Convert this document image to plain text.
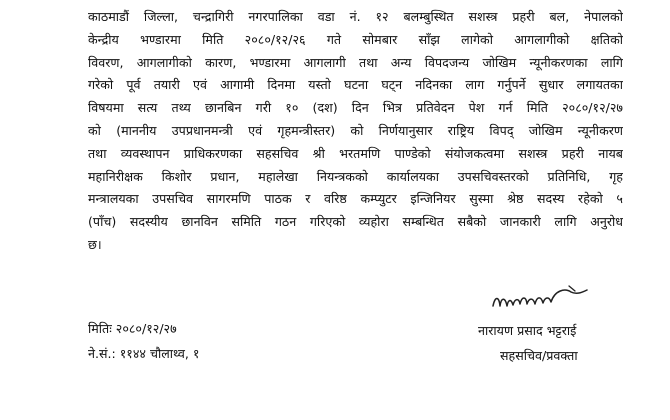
काठमाडौं जिल्ला, चन्द्रागिरी नगरपालिका वडा नं. १२ बलम्बुस्थित सशस्त्र प्रहरी बल, नेपालको
केन्द्रीय भण्डारमा मिति २०८०/१२/२६ गते सोमबार साँझ लागेको आगलागीको क्षतिको
विवरण, आगलागीको कारण, भण्डारमा आगलागी तथा अन्य विपदजन्य जोखिम न्यूनीकरणका लागि
गरेको पूर्व तयारी एवं आगामी दिनमा यस्तो घटना घट्न नदिनका लाग गर्नुपर्ने सुधार लगायतका
विषयमा सत्य तथ्य छानबिन गरी १० (दश) दिन भित्र प्रतिवेदन पेश गर्न मिति २०८०/१२/२७
को (माननीय उपप्रधानमन्त्री एवं गृहमन्त्रीस्तर) को निर्णयानुसार राष्ट्रिय विपद् जोखिम न्यूनीकरण
तथा व्यवस्थापन प्राधिकरणका सहसचिव श्री भरतमणि पाण्डेको संयोजकत्वमा सशस्त्र प्रहरी नायब
महानिरीक्षक किशोर प्रधान, महालेखा नियन्त्रकको कार्यालयका उपसचिवस्तरको प्रतिनिधि, गृह
मन्त्रालयका उपसचिव सागरमणि पाठक र वरिष्ठ कम्प्युटर इन्जिनियर सुस्मा श्रेष्ठ सदस्य रहेको ५
(पाँच) सदस्यीय छानविन समिति गठन गरिएको व्यहोरा सम्बन्धित सबैको जानकारी लागि अनुरोध
छ।
मितिः २०८०/१२/२७
ने.सं.: ११४४ चौलाथ्व, १
नारायण प्रसाद भट्टराई
सहसचिव/प्रवक्ता
